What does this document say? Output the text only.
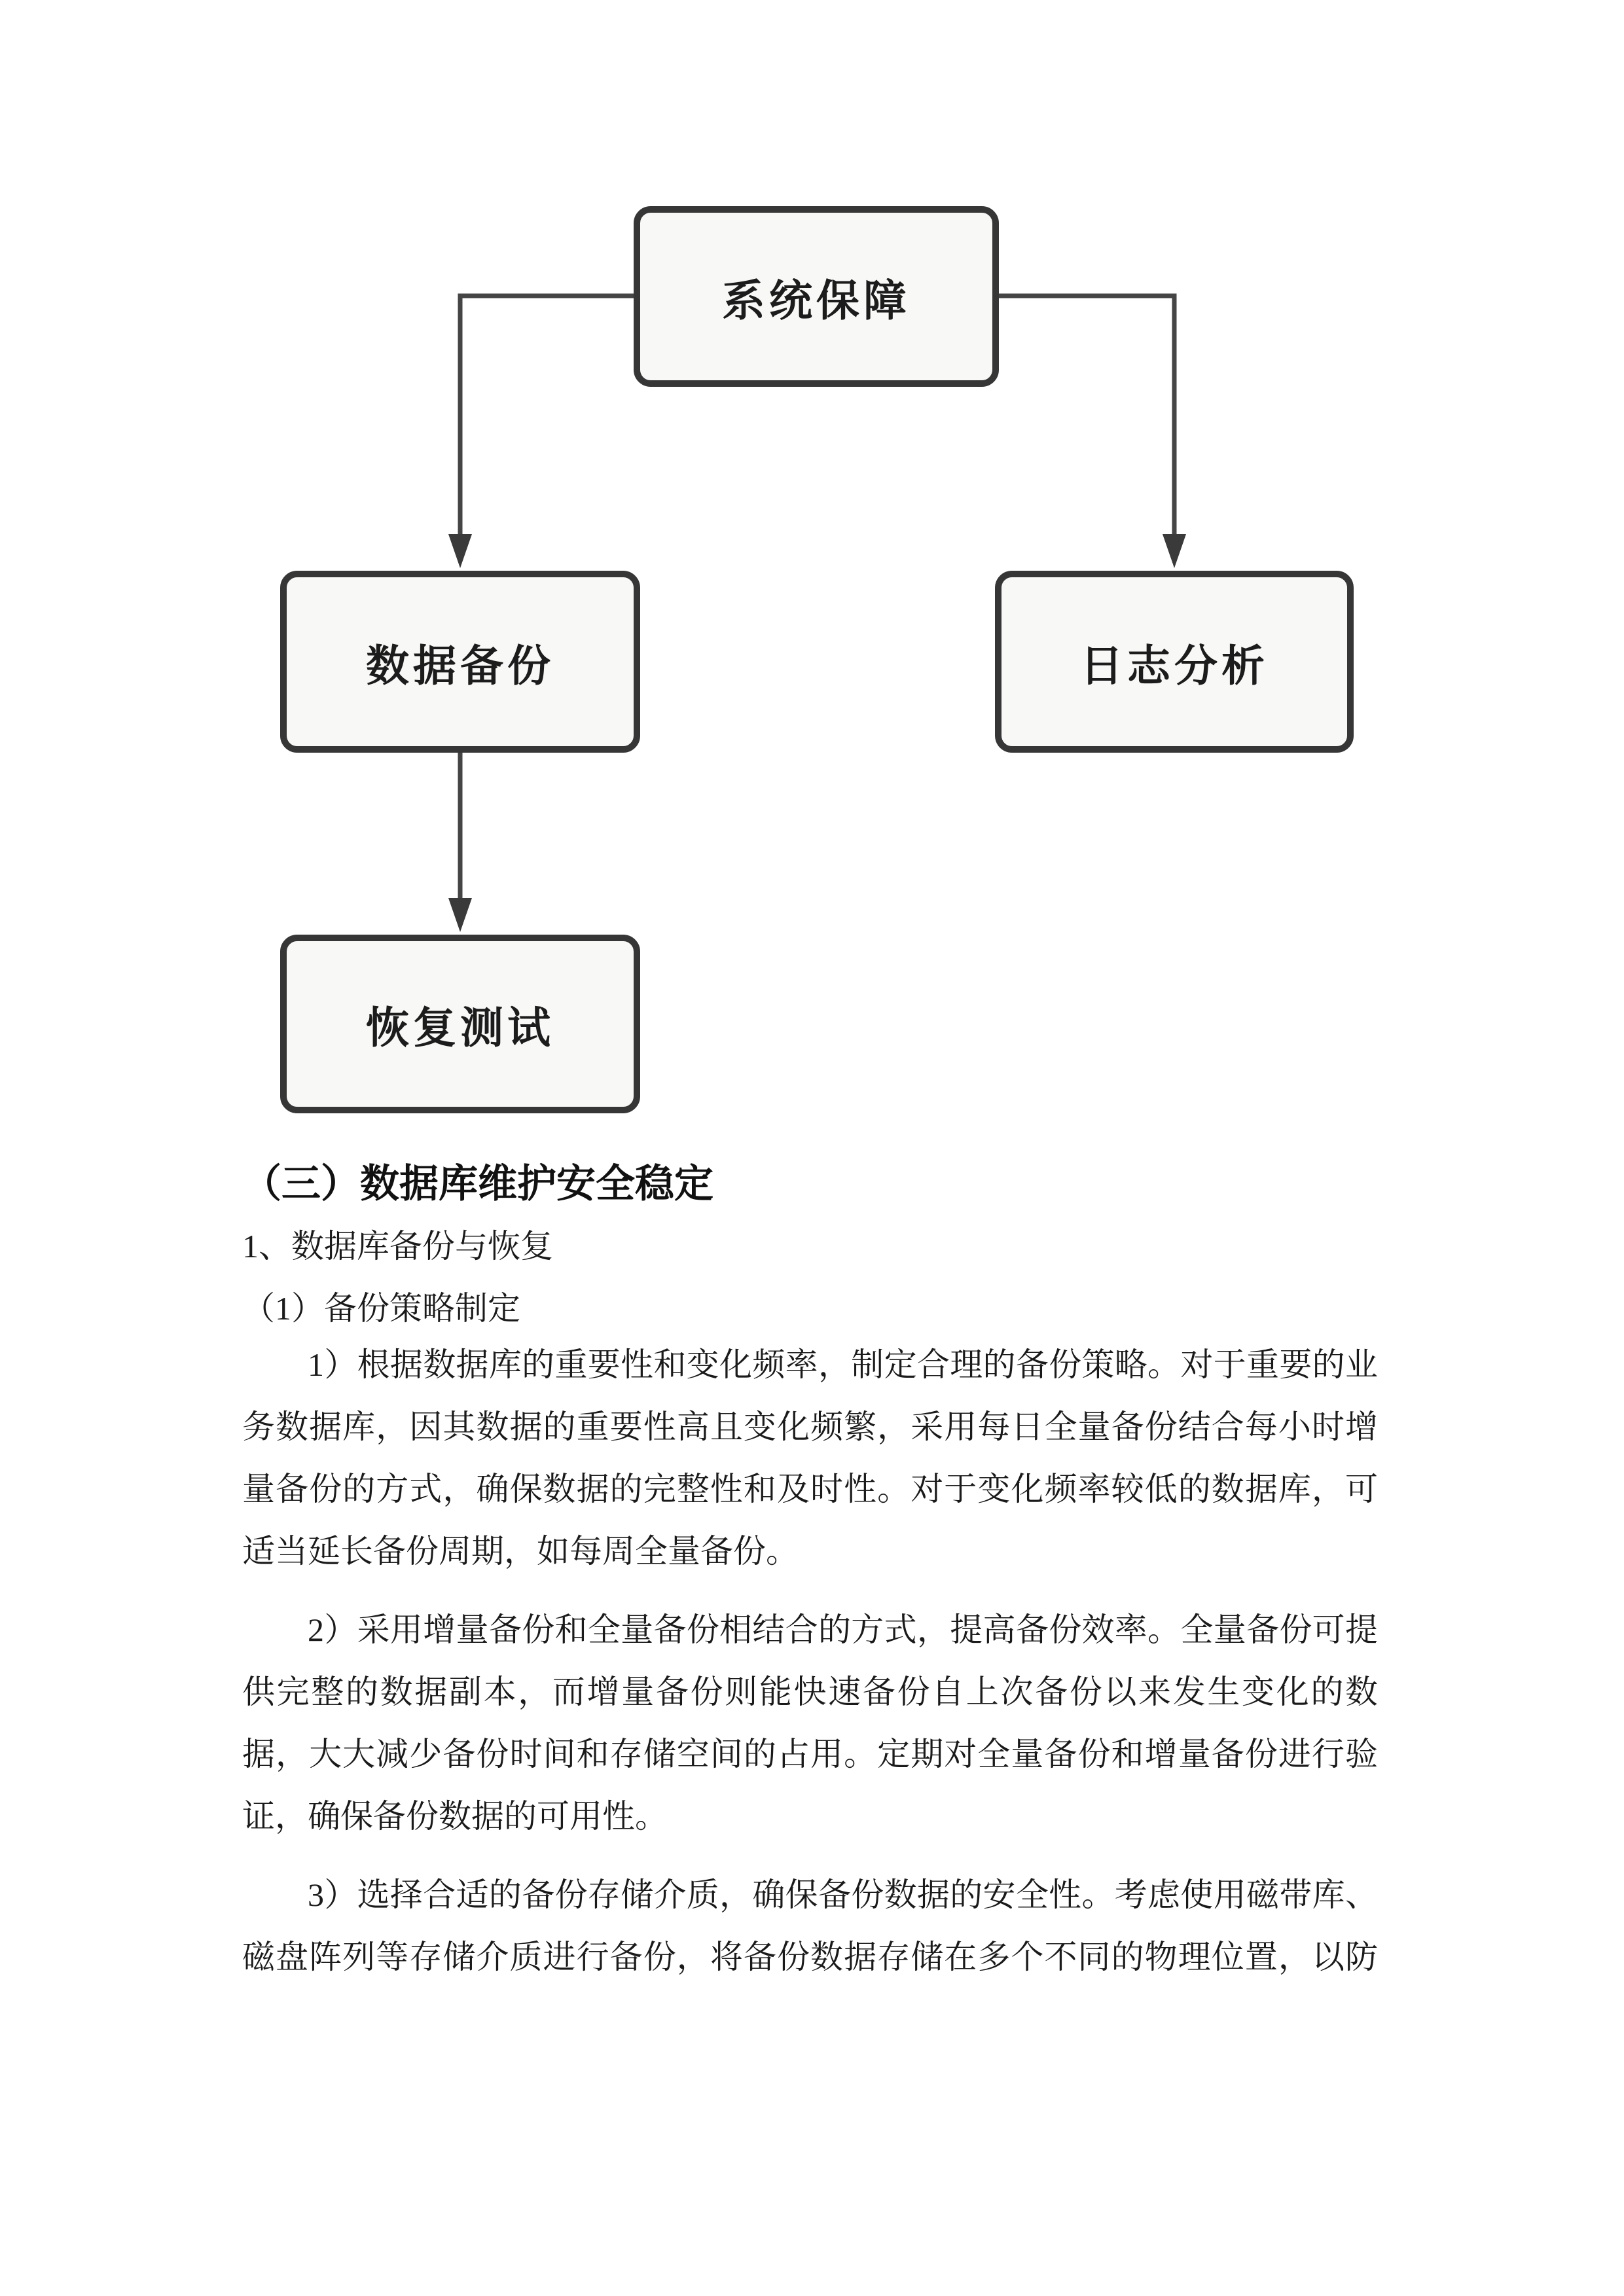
系统保障
数据备份	日志分析
恢复测试
（三）数据库维护安全稳定
1、数据库备份与恢复
（1）备份策略制定
1）根据数据库的重要性和变化频率，制定合理的备份策略。对于重要的业
务数据库，因其数据的重要性高且变化频繁，采用每日全量备份结合每小时增
量备份的方式，确保数据的完整性和及时性。对于变化频率较低的数据库，可
适当延长备份周期，如每周全量备份。
2）采用增量备份和全量备份相结合的方式，提高备份效率。全量备份可提
供完整的数据副本，而增量备份则能快速备份自上次备份以来发生变化的数
据，大大减少备份时间和存储空间的占用。定期对全量备份和增量备份进行验
证，确保备份数据的可用性。
3）选择合适的备份存储介质，确保备份数据的安全性。考虑使用磁带库、
磁盘阵列等存储介质进行备份，将备份数据存储在多个不同的物理位置，以防
